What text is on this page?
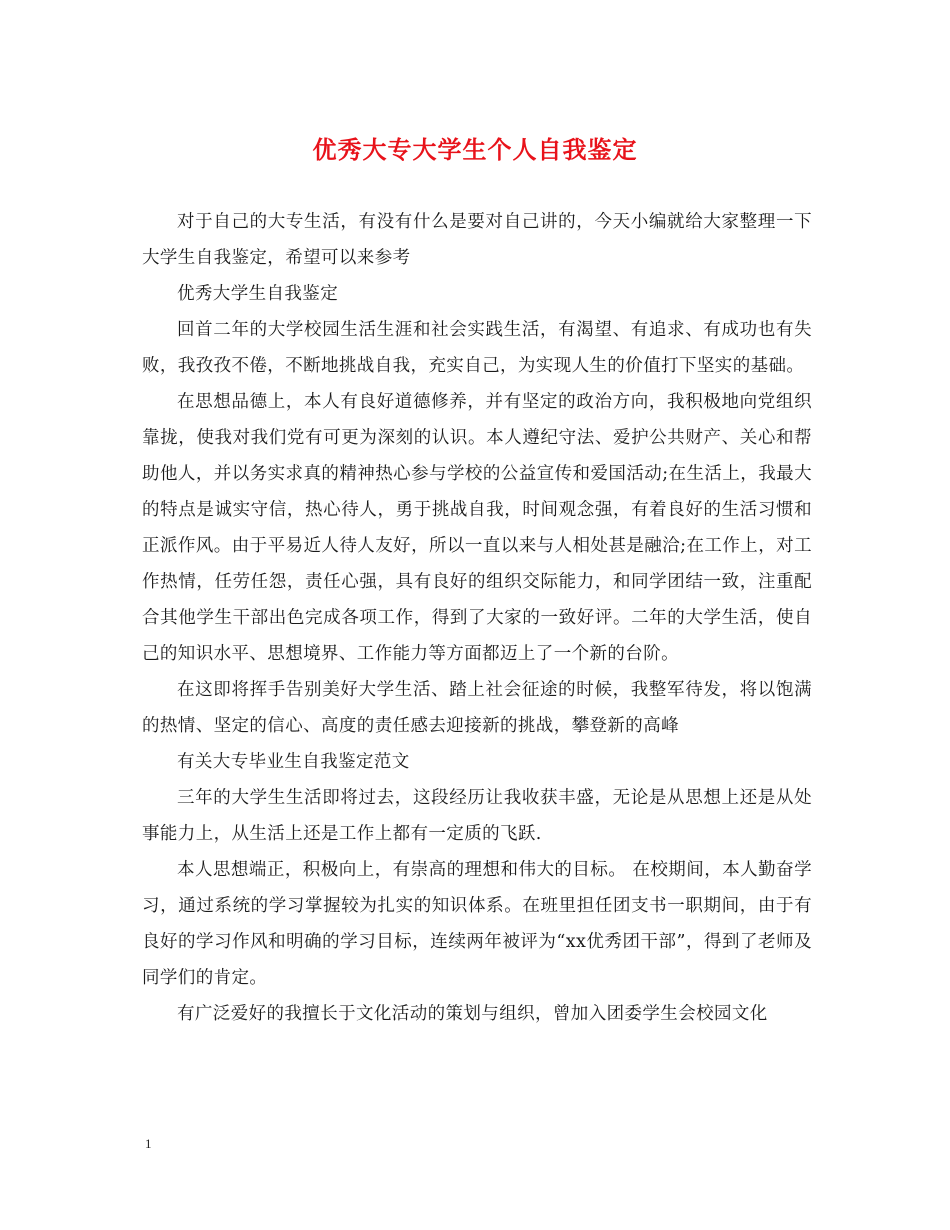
优秀大专大学生个人自我鉴定

对于自己的大专生活，有没有什么是要对自己讲的，今天小编就给大家整理一下大学生自我鉴定，希望可以来参考

优秀大学生自我鉴定

回首二年的大学校园生活生涯和社会实践生活，有渴望、有追求、有成功也有失败，我孜孜不倦，不断地挑战自我，充实自己，为实现人生的价值打下坚实的基础。

在思想品德上，本人有良好道德修养，并有坚定的政治方向，我积极地向党组织靠拢，使我对我们党有可更为深刻的认识。本人遵纪守法、爱护公共财产、关心和帮助他人，并以务实求真的精神热心参与学校的公益宣传和爱国活动;在生活上，我最大的特点是诚实守信，热心待人，勇于挑战自我，时间观念强，有着良好的生活习惯和正派作风。由于平易近人待人友好，所以一直以来与人相处甚是融洽;在工作上，对工作热情，任劳任怨，责任心强，具有良好的组织交际能力，和同学团结一致，注重配合其他学生干部出色完成各项工作，得到了大家的一致好评。二年的大学生活，使自己的知识水平、思想境界、工作能力等方面都迈上了一个新的台阶。

在这即将挥手告别美好大学生活、踏上社会征途的时候，我整军待发，将以饱满的热情、坚定的信心、高度的责任感去迎接新的挑战，攀登新的高峰

有关大专毕业生自我鉴定范文

三年的大学生生活即将过去，这段经历让我收获丰盛，无论是从思想上还是从处事能力上，从生活上还是工作上都有一定质的飞跃.

本人思想端正，积极向上，有崇高的理想和伟大的目标。 在校期间，本人勤奋学习，通过系统的学习掌握较为扎实的知识体系。在班里担任团支书一职期间，由于有良好的学习作风和明确的学习目标，连续两年被评为“xx优秀团干部”，得到了老师及同学们的肯定。

有广泛爱好的我擅长于文化活动的策划与组织，曾加入团委学生会校园文化

1
